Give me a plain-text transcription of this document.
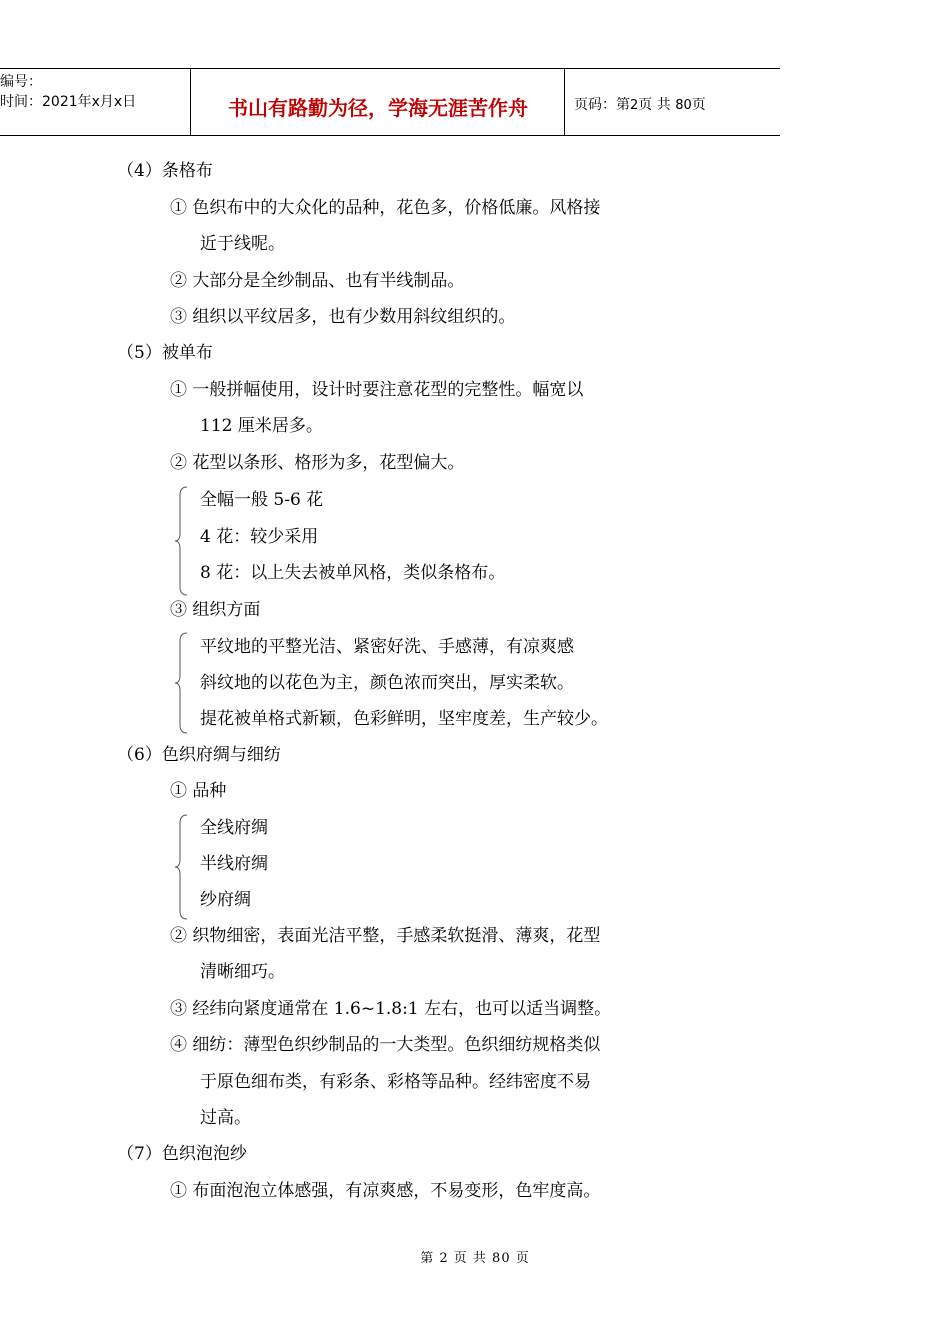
编号：
时间：2021年x月x日	书山有路勤为径，学海无涯苦作舟	页码：第2页 共 80页
（4）条格布
① 色织布中的大众化的品种，花色多，价格低廉。风格接
近于线呢。
② 大部分是全纱制品、也有半线制品。
③ 组织以平纹居多，也有少数用斜纹组织的。
（5）被单布
① 一般拼幅使用，设计时要注意花型的完整性。幅宽以
112 厘米居多。
② 花型以条形、格形为多，花型偏大。
全幅一般 5-6 花
4 花：较少采用
8 花：以上失去被单风格，类似条格布。
③ 组织方面
平纹地的平整光洁、紧密好洗、手感薄，有凉爽感
斜纹地的以花色为主，颜色浓而突出，厚实柔软。
提花被单格式新颖，色彩鲜明，坚牢度差，生产较少。
（6）色织府绸与细纺
① 品种
全线府绸
半线府绸
纱府绸
② 织物细密，表面光洁平整，手感柔软挺滑、薄爽，花型
清晰细巧。
③ 经纬向紧度通常在 1.6~1.8:1 左右，也可以适当调整。
④ 细纺：薄型色织纱制品的一大类型。色织细纺规格类似
于原色细布类，有彩条、彩格等品种。经纬密度不易
过高。
（7）色织泡泡纱
① 布面泡泡立体感强，有凉爽感，不易变形，色牢度高。
第 2 页 共 80 页
